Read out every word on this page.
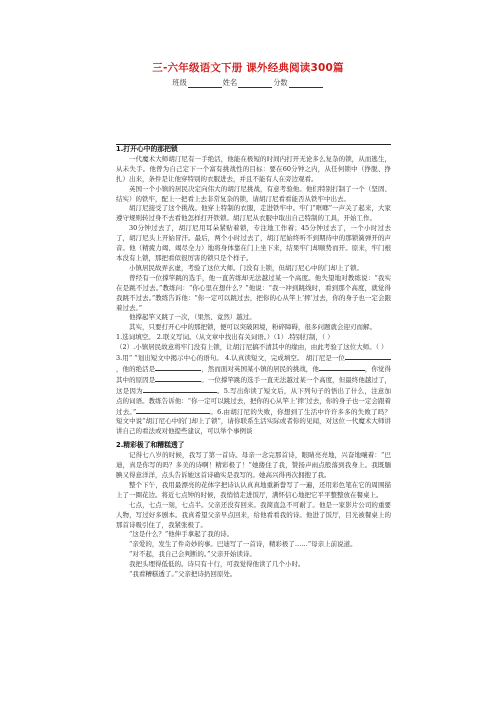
三-六年级语文下册 课外经典阅读300篇
班级	姓名	分数

1.打开心中的那把锁

一代魔术大师胡汀尼有一手绝活，他能在极短的时间内打开无论多么复杂的锁，从而逃生，从未失手。他曾为自己定下一个富有挑战性的目标：要在60分钟之内，从任何锁中（挣脱、挣扎）出来，条件是让他穿特别的衣服进去，并且不能有人在旁边观看。

英国一个小镇的居民决定向伟大的胡汀尼挑战，有意考验他。他们特别打制了一个（坚固、结实）的铁牢，配上一把看上去非常复杂的锁，请胡汀尼看看能否从铁牢中出去。

胡汀尼接受了这个挑战。他穿上特制的衣服，走进铁牢中。牢门“哐啷”一声关了起来，大家遵守规则转过身不去看他怎样打开铁锁。胡汀尼从衣服中取出自己特制的工具，开始工作。

30分钟过去了，胡汀尼用耳朵紧贴着锁，专注地工作着；45分钟过去了，一个小时过去了，胡汀尼头上开始冒汗。最后，两个小时过去了，胡汀尼始终听不到期待中的那锁簧弹开的声音。他（精疲力竭、竭尽全力）地将身体靠在门上坐下来，结果牢门却顺势而开。原来，牢门根本没有上锁，那把看似很厉害的锁只是个样子。

小镇居民故弄玄虚，考验了这位大师。门没有上锁，但胡汀尼心中的门却上了锁。

曾经有一位撑竿跳的选手，他一直苦练却无法越过某一个高度。他失望地对教练说：“我实在是跳不过去。”教练问：“你心里在想什么？”他说：“我一冲到跳线时，看到那个高度，就觉得我跳不过去。”教练告诉他：“你一定可以跳过去，把你的心从竿上‘摔’过去，你的身子也一定会跟着过去。”

他撑起竿又跳了一次，（果然、竟然）越过。

其实，只要打开心中的那把锁，便可以突破困境，粉碎障碍，很多问题就会迎刃而解。

1.选词填空。 2.联义写词。（从文章中找出有关词语。）（1）.特别打制，（ ）

（2）.小镇居民故意将牢门没有上锁，让胡汀尼搞不清其中的缘由，由此考验了这位大师。（ ）

3.用“ ”划出短文中揭示中心的语句。 4.认真读短文，完成填空。 胡汀尼是一位，他的绝活是	，然而面对英国某小镇的居民的挑战，他	，你觉得其中的原因是	。一位撑竿跳的选手一直无法越过某一个高度，但最终他越过了，这是因为	。5.写出你读了短文后，从下列句子的悟出了什么，注意加点的词语。教练告诉他：“你一定可以跳过去，把你的心从竿上‘摔’过去，你的身子也一定会跟着过去。”	。6.由胡汀尼的失败，你想到了生活中许许多多的失败了吗？短文中说“胡汀尼心中的门却上了锁”，请你联系生活实际或者你的见闻，对这位一代魔术大师讲讲自己的看法或对他提些建议，可以举个事例谈

2.精彩极了和糟糕透了

记得七八岁的时候，我写了第一首诗。母亲一念完那首诗，眼睛亮亮地，兴奋地嚷着：“巴迪，真是你写的吗？多美的诗啊！精彩极了！”她搂住了我，赞扬声雨点般落到我身上。我既腼腆又得意洋洋，点头告诉她这首诗确实是我写的。她高兴得再次拥抱了我。

整个下午，我用最漂亮的花体字把诗认认真真地重新誊写了一遍，还用彩色笔在它的周围描上了一圈花边。将近七点钟的时候，我悄悄走进饭厅，满怀信心地把它平平整整放在餐桌上。

七点，七点一刻，七点半。父亲还没有回来。我简直急不可耐了。他是一家影片公司的重要人物，写过好多剧本。我真希望父亲早点回来，给他看看我的诗。他进了饭厅，目光被餐桌上的那首诗吸引住了，我紧张极了。

“这是什么？”他伸手拿起了我的诗。

“亲爱的，发生了件奇妙的事。巴迪写了一首诗，精彩极了……”母亲上前说道。

“对不起，我自己会判断的。”父亲开始读诗。

我把头埋得低低的。诗只有十行，可我觉得他读了几个小时。

“我看糟糕透了。”父亲把诗扔回原处。
